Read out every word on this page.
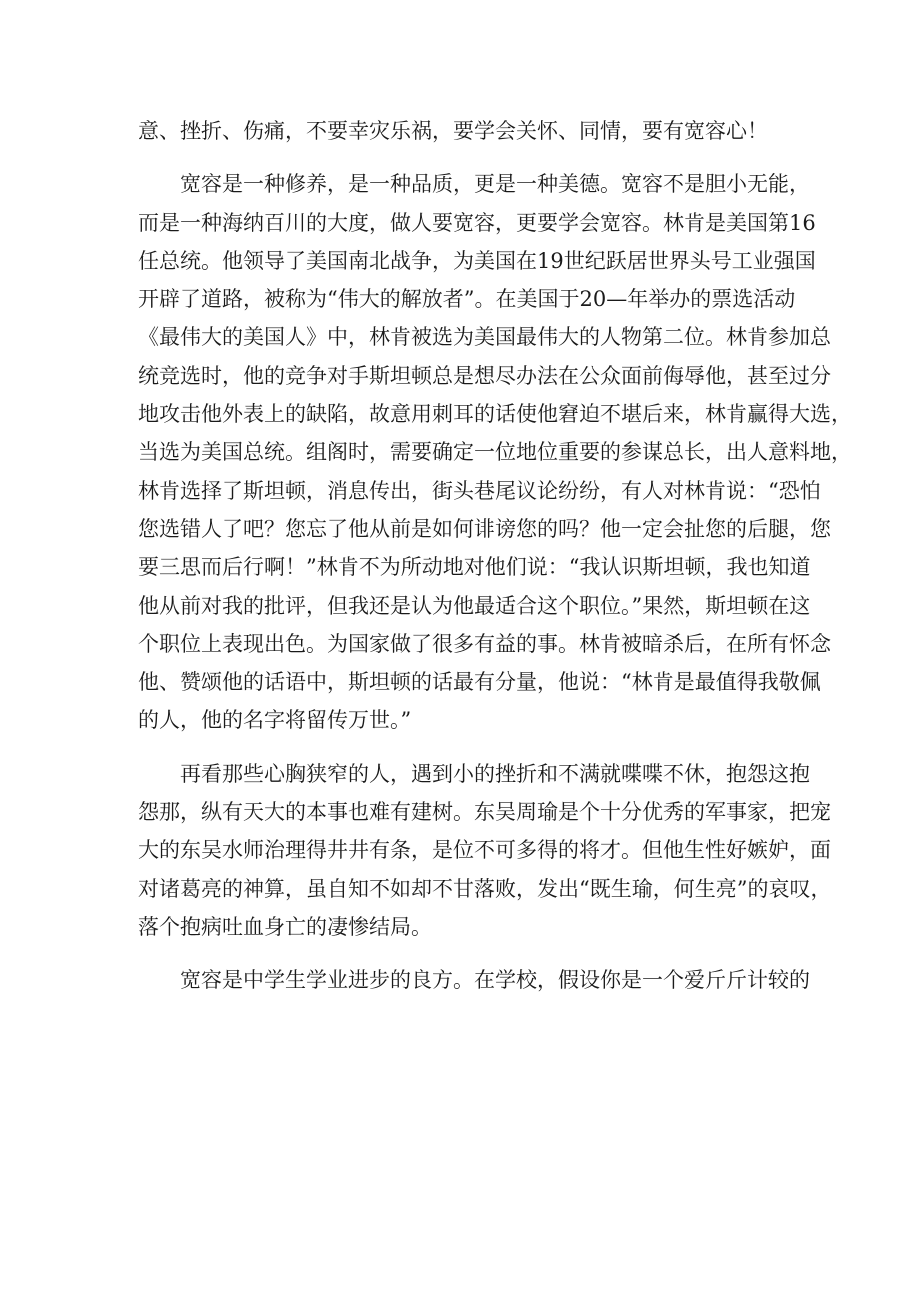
意、挫折、伤痛，不要幸灾乐祸，要学会关怀、同情，要有宽容心！
宽容是一种修养，是一种品质，更是一种美德。宽容不是胆小无能，
而是一种海纳百川的大度，做人要宽容，更要学会宽容。林肯是美国第16
任总统。他领导了美国南北战争，为美国在19世纪跃居世界头号工业强国
开辟了道路，被称为“伟大的解放者”。在美国于20—年举办的票选活动
《最伟大的美国人》中，林肯被选为美国最伟大的人物第二位。林肯参加总
统竞选时，他的竞争对手斯坦顿总是想尽办法在公众面前侮辱他，甚至过分
地攻击他外表上的缺陷，故意用刺耳的话使他窘迫不堪后来，林肯赢得大选，
当选为美国总统。组阁时，需要确定一位地位重要的参谋总长，出人意料地，
林肯选择了斯坦顿，消息传出，街头巷尾议论纷纷，有人对林肯说：“恐怕
您选错人了吧？您忘了他从前是如何诽谤您的吗？他一定会扯您的后腿，您
要三思而后行啊！”林肯不为所动地对他们说：“我认识斯坦顿，我也知道
他从前对我的批评，但我还是认为他最适合这个职位。”果然，斯坦顿在这
个职位上表现出色。为国家做了很多有益的事。林肯被暗杀后，在所有怀念
他、赞颂他的话语中，斯坦顿的话最有分量，他说：“林肯是最值得我敬佩
的人，他的名字将留传万世。”
再看那些心胸狭窄的人，遇到小的挫折和不满就喋喋不休，抱怨这抱
怨那，纵有天大的本事也难有建树。东吴周瑜是个十分优秀的军事家，把宠
大的东吴水师治理得井井有条，是位不可多得的将才。但他生性好嫉妒，面
对诸葛亮的神算，虽自知不如却不甘落败，发出“既生瑜，何生亮”的哀叹，
落个抱病吐血身亡的凄惨结局。
宽容是中学生学业进步的良方。在学校，假设你是一个爱斤斤计较的
